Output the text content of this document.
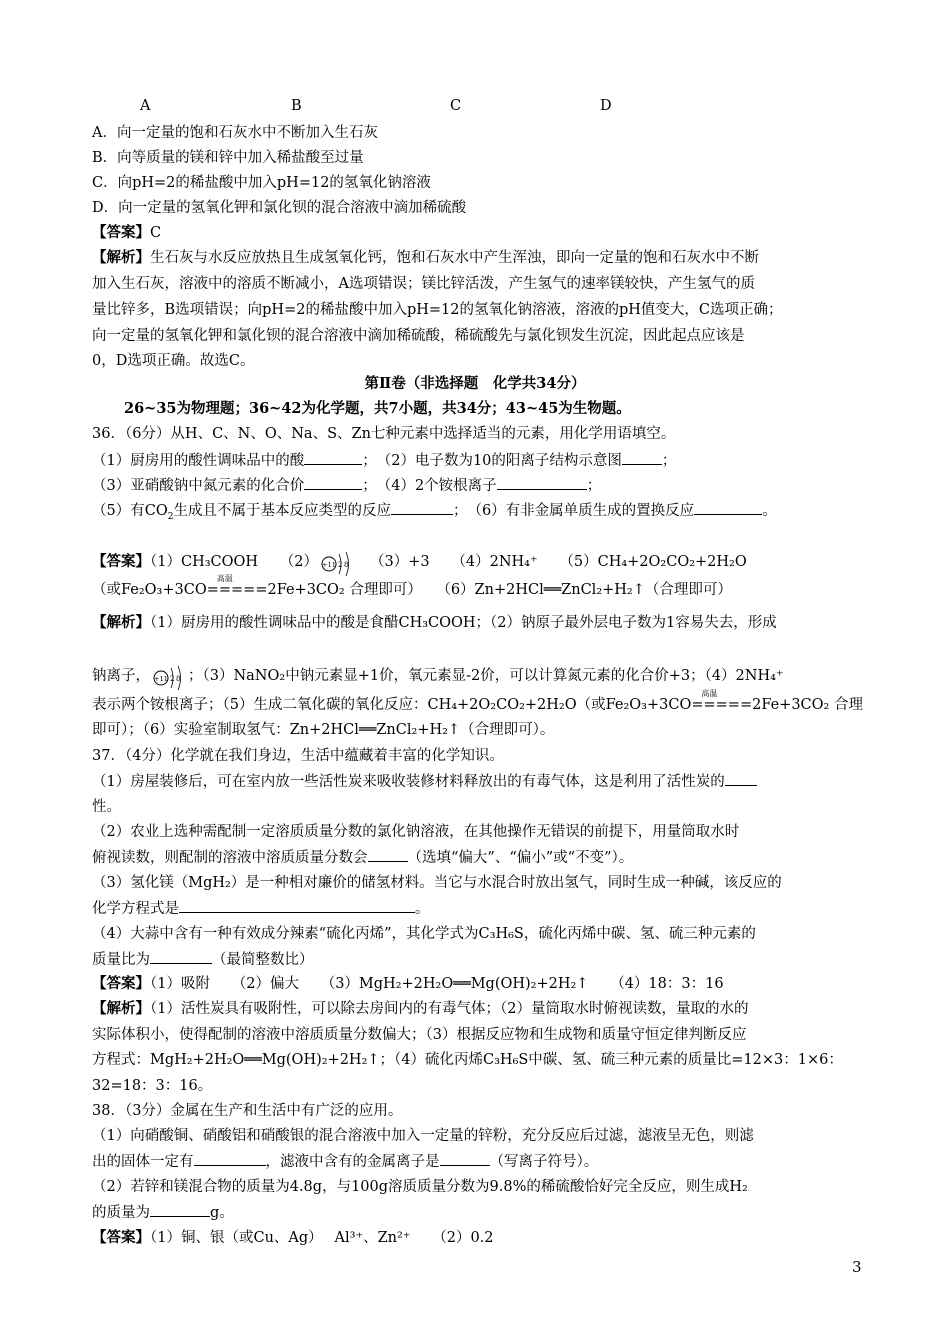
A	B	C	D
A．向一定量的饱和石灰水中不断加入生石灰
B．向等质量的镁和锌中加入稀盐酸至过量
C．向pH=2的稀盐酸中加入pH=12的氢氧化钠溶液
D．向一定量的氢氧化钾和氯化钡的混合溶液中滴加稀硫酸
【答案】C
【解析】生石灰与水反应放热且生成氢氧化钙，饱和石灰水中产生浑浊，即向一定量的饱和石灰水中不断
加入生石灰，溶液中的溶质不断减小，A选项错误；镁比锌活泼，产生氢气的速率镁较快，产生氢气的质
量比锌多，B选项错误；向pH=2的稀盐酸中加入pH=12的氢氧化钠溶液，溶液的pH值变大，C选项正确；
向一定量的氢氧化钾和氯化钡的混合溶液中滴加稀硫酸，稀硫酸先与氯化钡发生沉淀，因此起点应该是
0，D选项正确。故选C。
第Ⅱ卷（非选择题　化学共34分）
26~35为物理题；36~42为化学题，共7小题，共34分；43~45为生物题。
36．（6分）从H、C、N、O、Na、S、Zn七种元素中选择适当的元素，用化学用语填空。
（1）厨房用的酸性调味品中的酸	；　（2）电子数为10的阳离子结构示意图	；
（3）亚硝酸钠中氮元素的化合价	；　（4）2个铵根离子	；
（5）有$CO_2$生成且不属于基本反应类型的反应	；　（6）有非金属单质生成的置换反应	。
【答案】（1）CH₃COOH　　（2） +11 2 8 （3）+3　　（4）2NH₄⁺　　（5）CH₄+2O₂CO₂+2H₂O
（或Fe₂O₃+3CO
高温
=====2Fe+3CO₂ 合理即可）　　（6）Zn+2HCl══ZnCl₂+H₂↑（合理即可）
【解析】（1）厨房用的酸性调味品中的酸是食醋CH₃COOH；（2）钠原子最外层电子数为1容易失去，形成
钠离子， +11 2 8 ；（3）NaNO₂中钠元素显+1价，氧元素显-2价，可以计算氮元素的化合价+3；（4）2NH₄⁺
表示两个铵根离子；（5）生成二氧化碳的氧化反应：CH₄+2O₂CO₂+2H₂O（或Fe₂O₃+3CO
高温
=====2Fe+3CO₂ 合理
即可）；（6）实验室制取氢气：Zn+2HCl══ZnCl₂+H₂↑（合理即可）。
37．（4分）化学就在我们身边，生活中蕴藏着丰富的化学知识。
（1）房屋装修后，可在室内放一些活性炭来吸收装修材料释放出的有毒气体，这是利用了活性炭的
性。
（2）农业上选种需配制一定溶质质量分数的氯化钠溶液，在其他操作无错误的前提下，用量筒取水时
俯视读数，则配制的溶液中溶质质量分数会	（选填“偏大”、“偏小”或“不变”）。
（3）氢化镁（MgH₂）是一种相对廉价的储氢材料。当它与水混合时放出氢气，同时生成一种碱，该反应的
化学方程式是	。
（4）大蒜中含有一种有效成分辣素“硫化丙烯”，其化学式为C₃H₆S，硫化丙烯中碳、氢、硫三种元素的
质量比为	（最简整数比）
【答案】（1）吸附　　（2）偏大　　（3）MgH₂+2H₂O══Mg(OH)₂+2H₂↑　　（4）18：3：16
【解析】（1）活性炭具有吸附性，可以除去房间内的有毒气体；（2）量筒取水时俯视读数，量取的水的
实际体积小，使得配制的溶液中溶质质量分数偏大；（3）根据反应物和生成物和质量守恒定律判断反应
方程式：MgH₂+2H₂O══Mg(OH)₂+2H₂↑；（4）硫化丙烯C₃H₆S中碳、氢、硫三种元素的质量比=12×3：1×6：
32=18：3：16。
38．（3分）金属在生产和生活中有广泛的应用。
（1）向硝酸铜、硝酸铝和硝酸银的混合溶液中加入一定量的锌粉，充分反应后过滤，滤液呈无色，则滤
出的固体一定有	，滤液中含有的金属离子是	（写离子符号）。
（2）若锌和镁混合物的质量为4.8g，与100g溶质质量分数为9.8%的稀硫酸恰好完全反应，则生成H₂
的质量为	g。
【答案】（1）铜、银（或Cu、Ag）　 Al³⁺、Zn²⁺　　（2）0.2
3
